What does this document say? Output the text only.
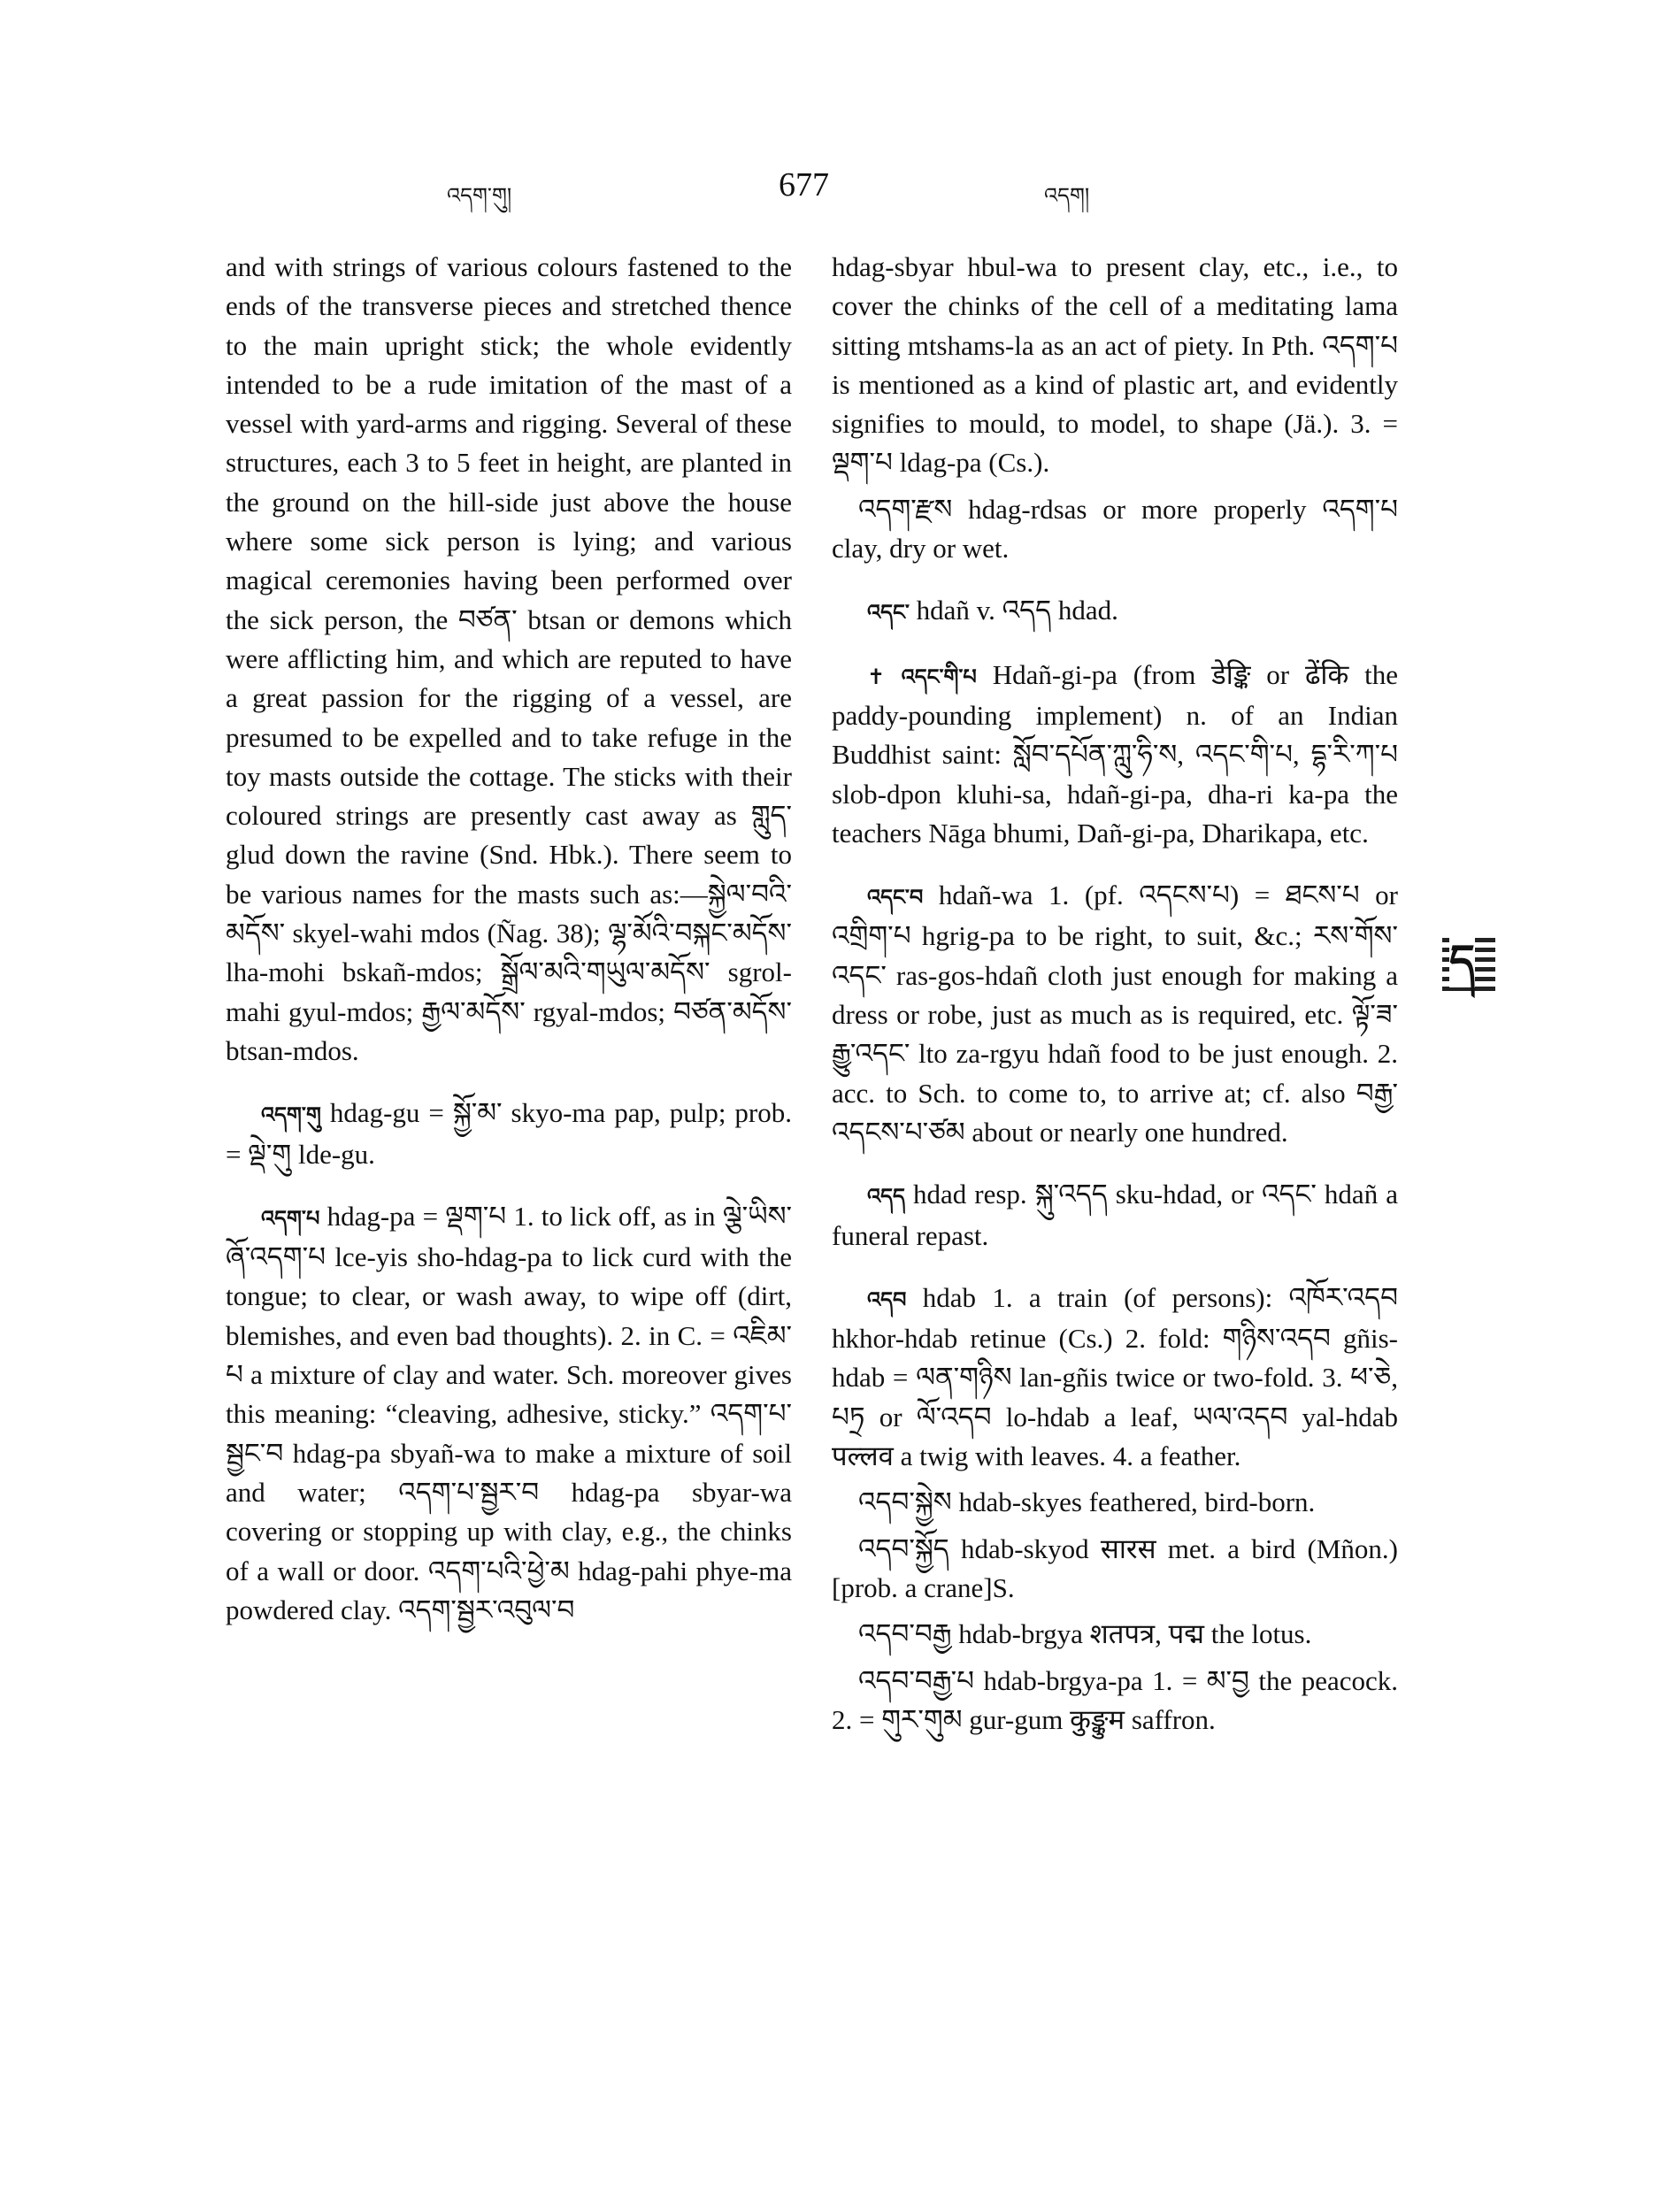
འདག་གུ།	677	འདག།

and with strings of various colours fastened to the ends of the transverse pieces and stretched thence to the main upright stick; the whole evidently intended to be a rude imitation of the mast of a vessel with yard-arms and rigging. Several of these structures, each 3 to 5 feet in height, are planted in the ground on the hill-side just above the house where some sick person is lying; and various magical ceremonies having been performed over the sick person, the བཙན་ btsan or demons which were afflicting him, and which are reputed to have a great passion for the rigging of a vessel, are presumed to be expelled and to take refuge in the toy masts outside the cottage. The sticks with their coloured strings are presently cast away as གླུད་ glud down the ravine (Snd. Hbk.). There seem to be various names for the masts such as:—སྐྱེལ་བའི་མདོས་ skyel-wahi mdos (Ñag. 38); ལྷ་མོའི་བསྐང་མདོས་ lha-mohi bskañ-mdos; སྒྲོལ་མའི་གཡུལ་མདོས་ sgrol-mahi gyul-mdos; རྒྱལ་མདོས་ rgyal-mdos; བཙན་མདོས་ btsan-mdos.

འདག་གུ hdag-gu = སྐྱོ་མ་ skyo-ma pap, pulp; prob. = ལྡེ་གུ lde-gu.

འདག་པ hdag-pa = ལྡག་པ 1. to lick off, as in ལྕེ་ཡིས་ཞོ་འདག་པ lce-yis sho-hdag-pa to lick curd with the tongue; to clear, or wash away, to wipe off (dirt, blemishes, and even bad thoughts). 2. in C. = འཇིམ་པ a mixture of clay and water. Sch. moreover gives this meaning: “cleaving, adhesive, sticky.” འདག་པ་སྦྱང་བ hdag-pa sbyañ-wa to make a mixture of soil and water; འདག་པ་སྦྱར་བ hdag-pa sbyar-wa covering or stopping up with clay, e.g., the chinks of a wall or door. འདག་པའི་ཕྱེ་མ hdag-pahi phye-ma powdered clay. འདག་སྦྱར་འབུལ་བ

hdag-sbyar hbul-wa to present clay, etc., i.e., to cover the chinks of the cell of a meditating lama sitting mtshams-la as an act of piety. In Pth. འདག་པ is mentioned as a kind of plastic art, and evidently signifies to mould, to model, to shape (Jä.). 3. = ལྡག་པ ldag-pa (Cs.).

འདག་རྫས hdag-rdsas or more properly འདག་པ clay, dry or wet.

འདང་ hdañ v. འདད hdad.

✝ འདང་གི་པ Hdañ-gi-pa (from डेङ्कि or ढेंकि the paddy-pounding implement) n. of an Indian Buddhist saint: སློབ་དཔོན་ཀླུ་ཧི་ས, འདང་གི་པ, དྷ་རི་ཀ་པ slob-dpon kluhi-sa, hdañ-gi-pa, dha-ri ka-pa the teachers Nāga bhumi, Dañ-gi-pa, Dharikapa, etc.

འདང་བ hdañ-wa 1. (pf. འདངས་པ) = ཐངས་པ or འགྲིག་པ hgrig-pa to be right, to suit, &c.; རས་གོས་འདང་ ras-gos-hdañ cloth just enough for making a dress or robe, just as much as is required, etc. ལྟོ་ཟ་རྒྱུ་འདང་ lto za-rgyu hdañ food to be just enough. 2. acc. to Sch. to come to, to arrive at; cf. also བརྒྱ་འདངས་པ་ཙམ about or nearly one hundred.

འདད hdad resp. སྐུ་འདད sku-hdad, or འདང་ hdañ a funeral repast.

འདབ hdab 1. a train (of persons): འཁོར་འདབ hkhor-hdab retinue (Cs.) 2. fold: གཉིས་འདབ gñis-hdab = ལན་གཉིས lan-gñis twice or two-fold. 3. ཕ་ཅེ, པཏྲ or ལོ་འདབ lo-hdab a leaf, ཡལ་འདབ yal-hdab पल्लव a twig with leaves. 4. a feather.

འདབ་སྐྱེས hdab-skyes feathered, bird-born.

འདབ་སྐྱོད hdab-skyod सारस met. a bird (Mñon.) [prob. a crane]S.

འདབ་བརྒྱ hdab-brgya शतपत्र, पद्म the lotus.

འདབ་བརྒྱ་པ hdab-brgya-pa 1. = མ་བྱ the peacock. 2. = གུར་གུམ gur-gum कुङ्कुम saffron.

ད
